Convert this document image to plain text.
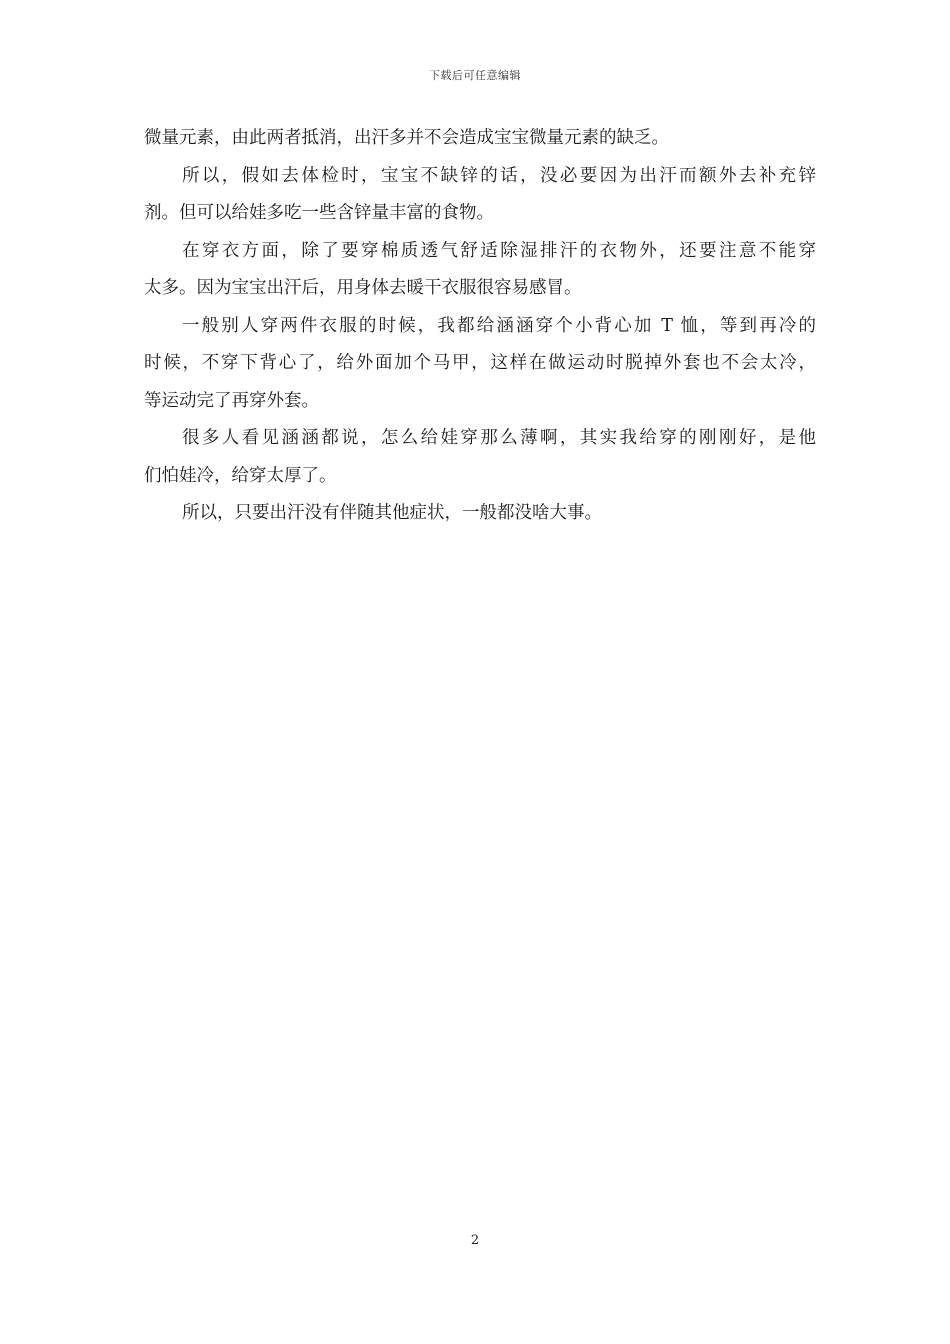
下载后可任意编辑
微量元素，由此两者抵消，出汗多并不会造成宝宝微量元素的缺乏。
所以，假如去体检时，宝宝不缺锌的话，没必要因为出汗而额外去补充锌
剂。但可以给娃多吃一些含锌量丰富的食物。
在穿衣方面，除了要穿棉质透气舒适除湿排汗的衣物外，还要注意不能穿
太多。因为宝宝出汗后，用身体去暖干衣服很容易感冒。
一般别人穿两件衣服的时候，我都给涵涵穿个小背心加 T 恤，等到再冷的
时候，不穿下背心了，给外面加个马甲，这样在做运动时脱掉外套也不会太冷，
等运动完了再穿外套。
很多人看见涵涵都说，怎么给娃穿那么薄啊，其实我给穿的刚刚好，是他
们怕娃冷，给穿太厚了。
所以，只要出汗没有伴随其他症状，一般都没啥大事。
2
